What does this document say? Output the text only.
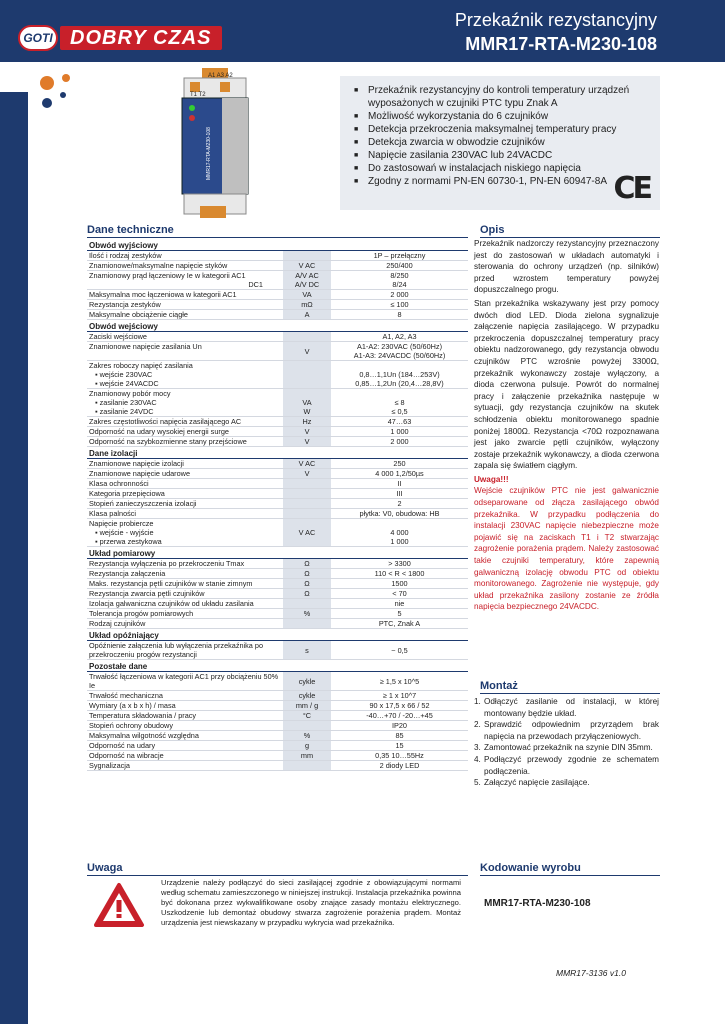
GOTI DOBRY CZAS
Przekaźnik rezystancyjny
MMR17-RTA-M230-108
A1 A3 A2
T1 T2
MMR17-RTA-M230-108
■ Przekaźnik rezystancyjny do kontroli temperatury urządzeń wyposażonych w czujniki PTC typu Znak A
■ Możliwość wykorzystania do 6 czujników
■ Detekcja przekroczenia maksymalnej temperatury pracy
■ Detekcja zwarcia w obwodzie czujników
■ Napięcie zasilania 230VAC lub 24VACDC
■ Do zastosowań w instalacjach niskiego napięcia
■ Zgodny z normami PN-EN 60730-1, PN-EN 60947-8A CE
Dane techniczne	Opis
Montaż
Uwaga	Kodowanie wyrobu
Obwód wyjściowy		
Ilość i rodzaj zestyków		1P – przełączny
Znamionowe/maksymalne napięcie styków	V AC	250/400
Znamionowy prąd łączeniowy Ie w kategorii AC1	A/V AC	8/250
DC1	A/V DC	8/24
Maksymalna moc łączeniowa w kategorii AC1	VA	2 000
Rezystancja zestyków	mΩ	≤ 100
Maksymalne obciążenie ciągłe	A	8
Obwód wejściowy		
Zaciski wejściowe		A1, A2, A3
Znamionowe napięcie zasilania Un	V	A1-A2: 230VAC (50/60Hz)
A1-A3: 24VACDC (50/60Hz)

Zakres roboczy napięć zasilania		
▪ wejście 230VAC		0,8…1,1Un (184…253V)
▪ wejście 24VACDC		0,85…1,2Un (20,4…28,8V)
Znamionowy pobór mocy		
▪ zasilanie 230VAC	VA	≤ 8
▪ zasilanie 24VDC	W	≤ 0,5
Zakres częstotliwości napięcia zasilającego AC	Hz	47…63
Odporność na udary wysokiej energii surge	V	1 000
Odporność na szybkozmienne stany przejściowe	V	2 000
Dane izolacji		
Znamionowe napięcie izolacji	V AC	250
Znamionowe napięcie udarowe	V	4 000 1,2/50µs
Klasa ochronności		II
Kategoria przepięciowa		III
Stopień zanieczyszczenia izolacji		2
Klasa palności		płytka: V0, obudowa: HB
Napięcie probiercze		
▪ wejście - wyjście	V AC	4 000
▪ przerwa zestykowa		1 000
Układ pomiarowy		
Rezystancja wyłączenia po przekroczeniu Tmax	Ω	> 3300
Rezystancja załączenia	Ω	110 < R < 1800
Maks. rezystancja pętli czujników w stanie zimnym	Ω	1500
Rezystancja zwarcia pętli czujników	Ω	< 70
Izolacja galwaniczna czujników od układu zasilania		nie
Tolerancja progów pomiarowych	%	5
Rodzaj czujników		PTC, Znak A
Układ opóźniający		
Opóźnienie załączenia lub wyłączenia przekaźnika po przekroczeniu progów rezystancji	s	~ 0,5
Pozostałe dane		
Trwałość łączeniowa w kategorii AC1 przy obciążeniu 50% Ie	cykle	≥ 1,5 x 10^5
Trwałość mechaniczna	cykle	≥ 1 x 10^7
Wymiary (a x b x h) / masa	mm / g	90 x 17,5 x 66 / 52
Temperatura składowania / pracy	°C	-40…+70 / -20…+45
Stopień ochrony obudowy		IP20
Maksymalna wilgotność względna	%	85
Odporność na udary	g	15
Odporność na wibracje	mm	0,35 10…55Hz
Sygnalizacja		2 diody LED

Przekaźnik nadzorczy rezystancyjny przeznaczony jest do zastosowań w układach automatyki i sterowania do ochrony urządzeń (np. silników) przed wzrostem temperatury powyżej dopuszczalnego progu.

Stan przekaźnika wskazywany jest przy pomocy dwóch diod LED. Dioda zielona sygnalizuje załączenie napięcia zasilającego. W przypadku przekroczenia dopuszczalnej temperatury pracy obiektu nadzorowanego, gdy rezystancja obwodu czujników PTC wzrośnie powyżej 3300Ω, przekaźnik wykonawczy zostaje wyłączony, a dioda czerwona pulsuje. Powrót do normalnej pracy i załączenie przekaźnika następuje w sytuacji, gdy rezystancja czujników na skutek schłodzenia obiektu monitorowanego spadnie poniżej 1800Ω. Rezystancja <70Ω rozpoznawana jest jako zwarcie pętli czujników, wyłączony zostaje przekaźnik wykonawczy, a dioda czerwona zapala się światłem ciągłym.

Uwaga!!!

Wejście czujników PTC nie jest galwanicznie odseparowane od złącza zasilającego obwód przekaźnika. W przypadku podłączenia do instalacji 230VAC napięcie niebezpieczne może pojawić się na zaciskach T1 i T2 stwarzając zagrożenie porażenia prądem. Należy zastosować takie czujniki temperatury, które zapewnią galwaniczną izolację obwodu PTC od obiektu monitorowanego. Zagrożenie nie występuje, gdy układ przekaźnika zasilony zostanie ze źródła napięcia bezpiecznego 24VACDC.

1. Odłączyć zasilanie od instalacji, w której montowany będzie układ.
2. Sprawdzić odpowiednim przyrządem brak napięcia na przewodach przyłączeniowych.
3. Zamontować przekaźnik na szynie DIN 35mm.
4. Podłączyć przewody zgodnie ze schematem podłączenia.
5. Załączyć napięcie zasilające.
Urządzenie należy podłączyć do sieci zasilającej zgodnie z obowiązującymi normami według schematu zamieszczonego w niniejszej instrukcji. Instalacja przekaźnika powinna być dokonana przez wykwalifikowane osoby znające zasady montażu elektrycznego. Uszkodzenie lub demontaż obudowy stwarza zagrożenie porażenia prądem. Montaż urządzenia jest niewskazany w przypadku wykrycia wad przekaźnika.
MMR17-RTA-M230-108
MMR17-3136 v1.0
